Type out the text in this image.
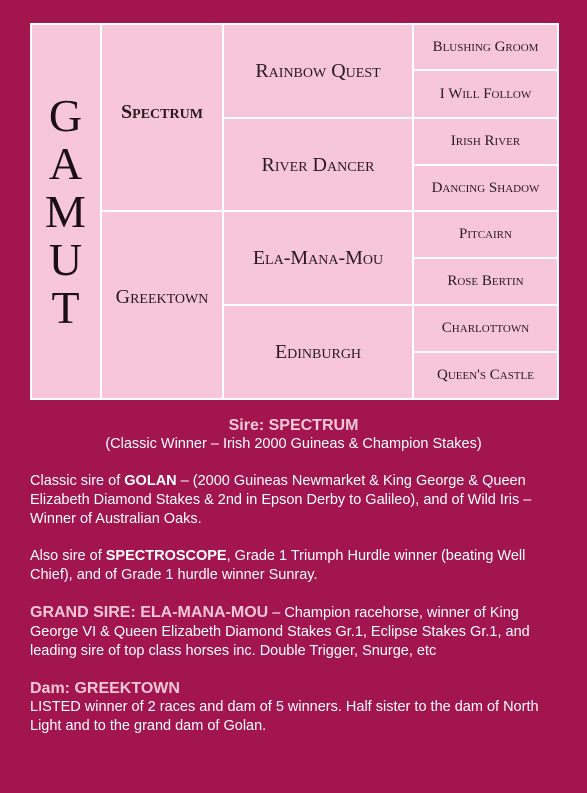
G
A
M
U
T
Spectrum
Greektown
Rainbow Quest
River Dancer
Ela-Mana-Mou
Edinburgh
Blushing Groom
I Will Follow
Irish River
Dancing Shadow
Pitcairn
Rose Bertin
Charlottown
Queen's Castle

Sire: SPECTRUM

(Classic Winner – Irish 2000 Guineas & Champion Stakes)

Classic sire of GOLAN – (2000 Guineas Newmarket & King George & Queen Elizabeth Diamond Stakes & 2nd in Epson Derby to Galileo), and of Wild Iris – Winner of Australian Oaks.

Also sire of SPECTROSCOPE, Grade 1 Triumph Hurdle winner (beating Well Chief), and of Grade 1 hurdle winner Sunray.

GRAND SIRE: ELA-MANA-MOU – Champion racehorse, winner of King George VI & Queen Elizabeth Diamond Stakes Gr.1, Eclipse Stakes Gr.1, and leading sire of top class horses inc. Double Trigger, Snurge, etc

Dam: GREEKTOWN

LISTED winner of 2 races and dam of 5 winners. Half sister to the dam of North Light and to the grand dam of Golan.
